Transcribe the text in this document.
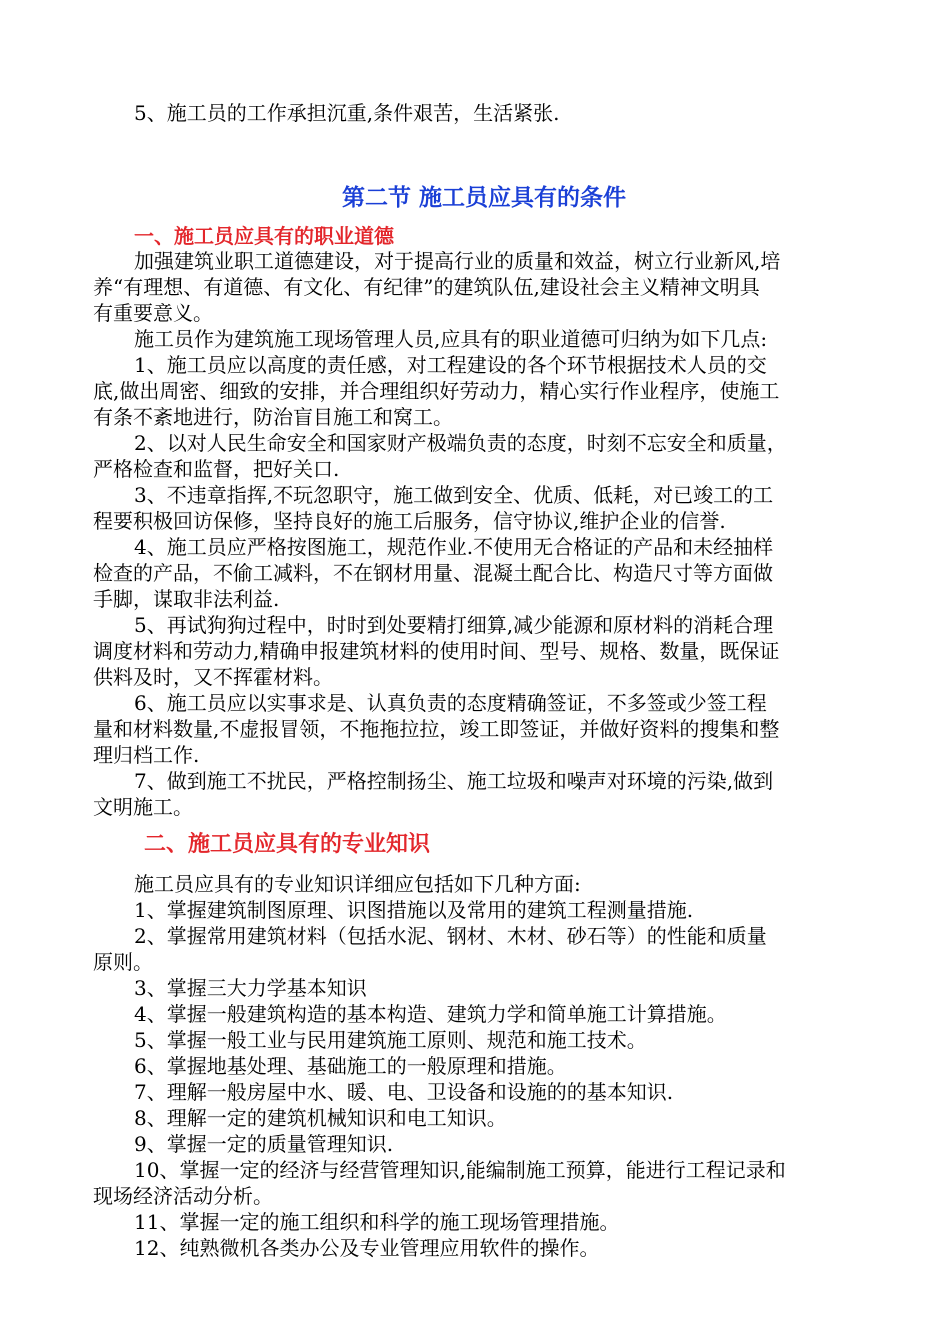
5、施工员的工作承担沉重,条件艰苦，生活紧张.
第二节 施工员应具有的条件
一、施工员应具有的职业道德
加强建筑业职工道德建设，对于提高行业的质量和效益，树立行业新风,培
养“有理想、有道德、有文化、有纪律”的建筑队伍,建设社会主义精神文明具
有重要意义。
施工员作为建筑施工现场管理人员,应具有的职业道德可归纳为如下几点:
1、施工员应以高度的责任感，对工程建设的各个环节根据技术人员的交
底,做出周密、细致的安排，并合理组织好劳动力，精心实行作业程序，使施工
有条不紊地进行，防治盲目施工和窝工。
2、以对人民生命安全和国家财产极端负责的态度，时刻不忘安全和质量，
严格检查和监督，把好关口.
3、不违章指挥,不玩忽职守，施工做到安全、优质、低耗，对已竣工的工
程要积极回访保修，坚持良好的施工后服务，信守协议,维护企业的信誉.
4、施工员应严格按图施工，规范作业.不使用无合格证的产品和未经抽样
检查的产品，不偷工减料，不在钢材用量、混凝土配合比、构造尺寸等方面做
手脚，谋取非法利益.
5、再试狗狗过程中，时时到处要精打细算,减少能源和原材料的消耗合理
调度材料和劳动力,精确申报建筑材料的使用时间、型号、规格、数量，既保证
供料及时，又不挥霍材料。
6、施工员应以实事求是、认真负责的态度精确签证，不多签或少签工程
量和材料数量,不虚报冒领，不拖拖拉拉，竣工即签证，并做好资料的搜集和整
理归档工作.
7、做到施工不扰民，严格控制扬尘、施工垃圾和噪声对环境的污染,做到
文明施工。
二、施工员应具有的专业知识
施工员应具有的专业知识详细应包括如下几种方面:
1、掌握建筑制图原理、识图措施以及常用的建筑工程测量措施.
2、掌握常用建筑材料（包括水泥、钢材、木材、砂石等）的性能和质量
原则。
3、掌握三大力学基本知识
4、掌握一般建筑构造的基本构造、建筑力学和简单施工计算措施。
5、掌握一般工业与民用建筑施工原则、规范和施工技术。
6、掌握地基处理、基础施工的一般原理和措施。
7、理解一般房屋中水、暖、电、卫设备和设施的的基本知识.
8、理解一定的建筑机械知识和电工知识。
9、掌握一定的质量管理知识.
10、掌握一定的经济与经营管理知识,能编制施工预算，能进行工程记录和
现场经济活动分析。
11、掌握一定的施工组织和科学的施工现场管理措施。
12、纯熟微机各类办公及专业管理应用软件的操作。
